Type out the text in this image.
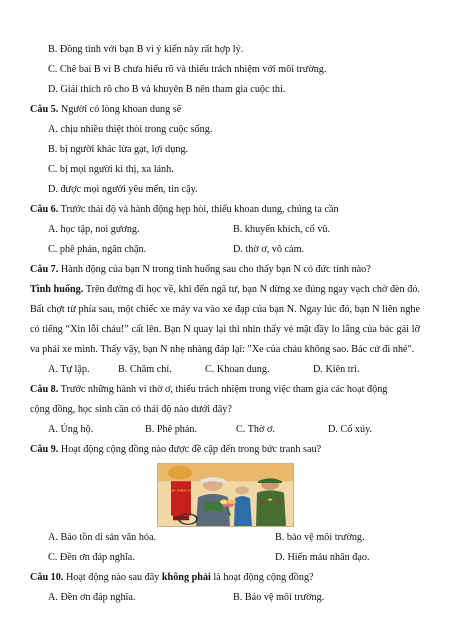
B. Đồng tình với bạn B vì ý kiến này rất hợp lý.
C. Chê bai B vì B chưa hiểu rõ và thiếu trách nhiệm với môi trường.
D. Giải thích rõ cho B và khuyên B nên tham gia cuộc thi.
Câu 5. Người có lòng khoan dung sẽ
A. chịu nhiều thiệt thòi trong cuộc sống.
B. bị người khác lừa gạt, lợi dụng.
C. bị mọi người kì thị, xa lánh.
D. được mọi người yêu mến, tin cậy.
Câu 6. Trước thái độ và hành động hẹp hòi, thiếu khoan dung, chúng ta cần
A. học tập, noi gương.	B. khuyến khích, cổ vũ.
C. phê phán, ngăn chặn.	D. thờ ơ, vô cảm.
Câu 7. Hành động của bạn N trong tình huống sau cho thấy bạn N có đức tính nào?
Tình huống. Trên đường đi học về, khi đến ngã tư, bạn N dừng xe đúng ngay vạch chờ đèn đỏ. Bất chợt từ phía sau, một chiếc xe máy va vào xe đạp của bạn N. Ngay lúc đó, bạn N liên nghe có tiếng “Xin lỗi cháu!” cất lên. Bạn N quay lại thì nhìn thấy vẻ mặt đầy lo lắng của bác gái lỡ va phải xe mình. Thấy vậy, bạn N nhẹ nhàng đáp lại: "Xe của cháu không sao. Bác cứ đi nhé".
A. Tự lập.	B. Chăm chỉ.	C. Khoan dung.	D. Kiên trì.
Câu 8. Trước những hành vi thờ ơ, thiếu trách nhiệm trong việc tham gia các hoạt động
cộng đồng, học sinh cần có thái độ nào dưới đây?
A. Ủng hộ.	B. Phê phán.	C. Thờ ơ.	D. Cổ xúy.
Câu 9. Hoạt động cộng đồng nào được đề cập đến trong bức tranh sau?
TRI ÂN ANH HÙNG
A. Bảo tồn di sản văn hóa.	B. bảo vệ môi trường.
C. Đền ơn đáp nghĩa.	D. Hiến máu nhân đạo.
Câu 10. Hoạt động nào sau đây không phải là hoạt động cộng đồng?
A. Đền ơn đáp nghĩa.	B. Bảo vệ môi trường.
